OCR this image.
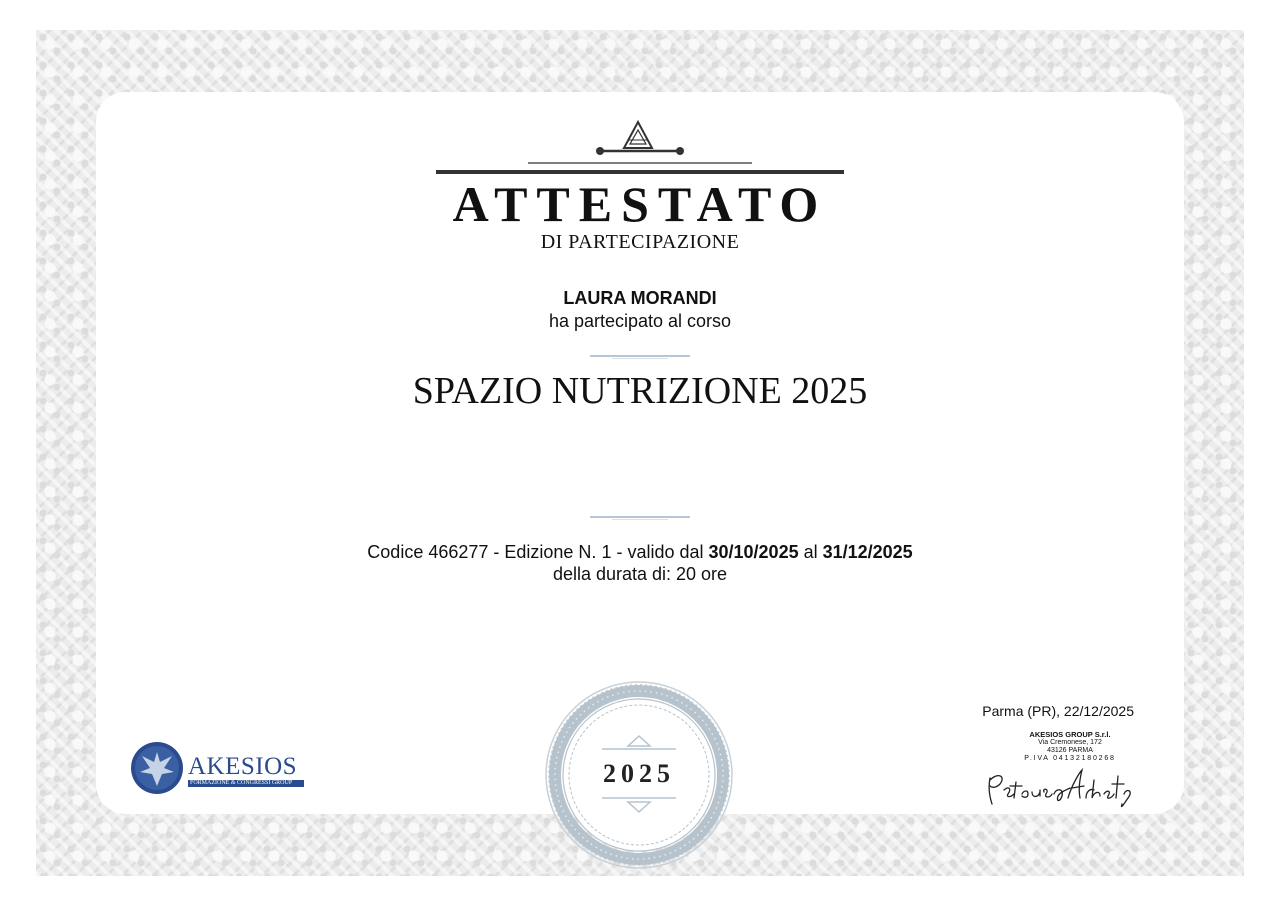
ATTESTATO
DI PARTECIPAZIONE
LAURA MORANDI
ha partecipato al corso
SPAZIO NUTRIZIONE 2025
Codice 466277 - Edizione N. 1 - valido dal 30/10/2025 al 31/12/2025
della durata di: 20 ore
2025
AKESIOS
FORMAZIONE & CONGRESSI GROUP
Parma (PR), 22/12/2025
AKESIOS GROUP S.r.l.
Via Cremonese, 172
43126 PARMA
P.IVA 04132180268
